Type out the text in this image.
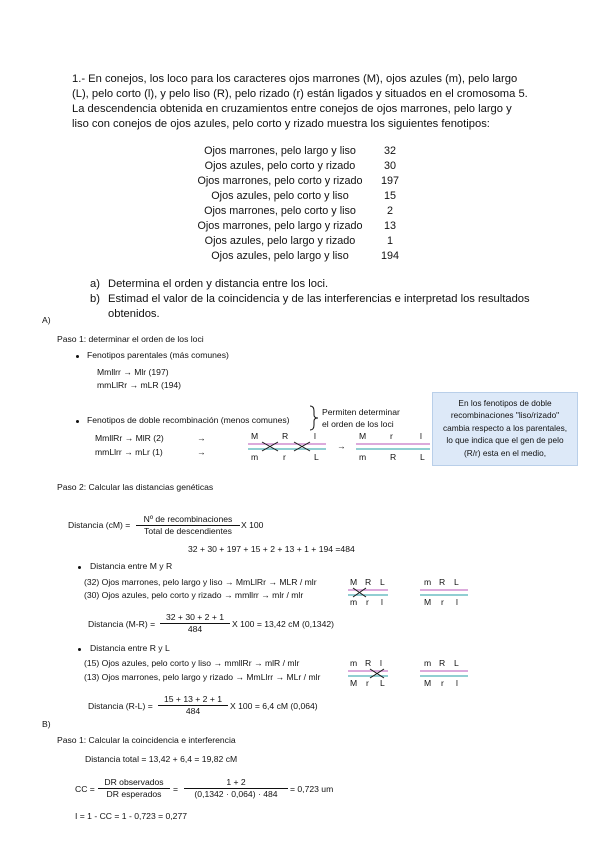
1.- En conejos, los loco para los caracteres ojos marrones (M), ojos azules (m), pelo largo
(L), pelo corto (l), y pelo liso (R), pelo rizado (r) están ligados y situados en el cromosoma 5.
La descendencia obtenida en cruzamientos entre conejos de ojos marrones, pelo largo y
liso con conejos de ojos azules, pelo corto y rizado muestra los siguientes fenotipos:
Ojos marrones, pelo largo y liso	32
Ojos azules, pelo corto y rizado	30
Ojos marrones, pelo corto y rizado	197
Ojos azules, pelo corto y liso	15
Ojos marrones, pelo corto y liso	2
Ojos marrones, pelo largo y rizado	13
Ojos azules, pelo largo y rizado	1
Ojos azules, pelo largo y liso	194
a) Determina el orden y distancia entre los loci.
b) Estimad el valor de la coincidencia y de las interferencias e interpretad los resultados
obtenidos.
A)
Paso 1: determinar el orden de los loci
Fenotipos parentales (más comunes)
Mmllrr → Mlr (197)
mmLlRr → mLR (194)
Fenotipos de doble recombinación (menos comunes)
Permiten determinar
el orden de los loci
MmllRr → MlR (2)
mmLlrr → mLr (1)
→
→
M	R	l
m	r	L
→
M	r	l
m	R	L
En los fenotipos de doble
recombinaciones "liso/rizado"
cambia respecto a los parentales,
lo que indica que el gen de pelo
(R/r) esta en el medio,
Paso 2: Calcular las distancias genéticas
Distancia (cM) =
Nº de recombinaciones
Total de descendientes
X 100
32 + 30 + 197 + 15 + 2 + 13 + 1 + 194 =484
Distancia entre M y R
(32) Ojos marrones, pelo largo y liso → MmLlRr → MLR / mlr
(30) Ojos azules, pelo corto y rizado → mmllrr → mlr / mlr
M R L
m r l
m R L
M r l
Distancia $(M-R) = \frac{32 + 30 + 2 + 1}{484}$ X 100 = 13,42 cM (0,1342)
Distancia entre R y L
(15) Ojos azules, pelo corto y liso → mmllRr → mlR / mlr
(13) Ojos marrones, pelo largo y rizado → MmLlrr → MLr / mlr
m R l
M r L
m R L
M r l
Distancia $(R-L) = \frac{15 + 13 + 2 + 1}{484}$ X 100 = 6,4 cM (0,064)
B)
Paso 1: Calcular la coincidencia e interferencia
Distancia total = 13,42 + 6,4 = 19,82 cM
CC =
DR observados
DR esperados	= $\frac{1 + 2}{(0,1342 \cdot 0,064) \cdot 484} = 0,723$ um
I = 1 - CC = 1 - 0,723 = 0,277
